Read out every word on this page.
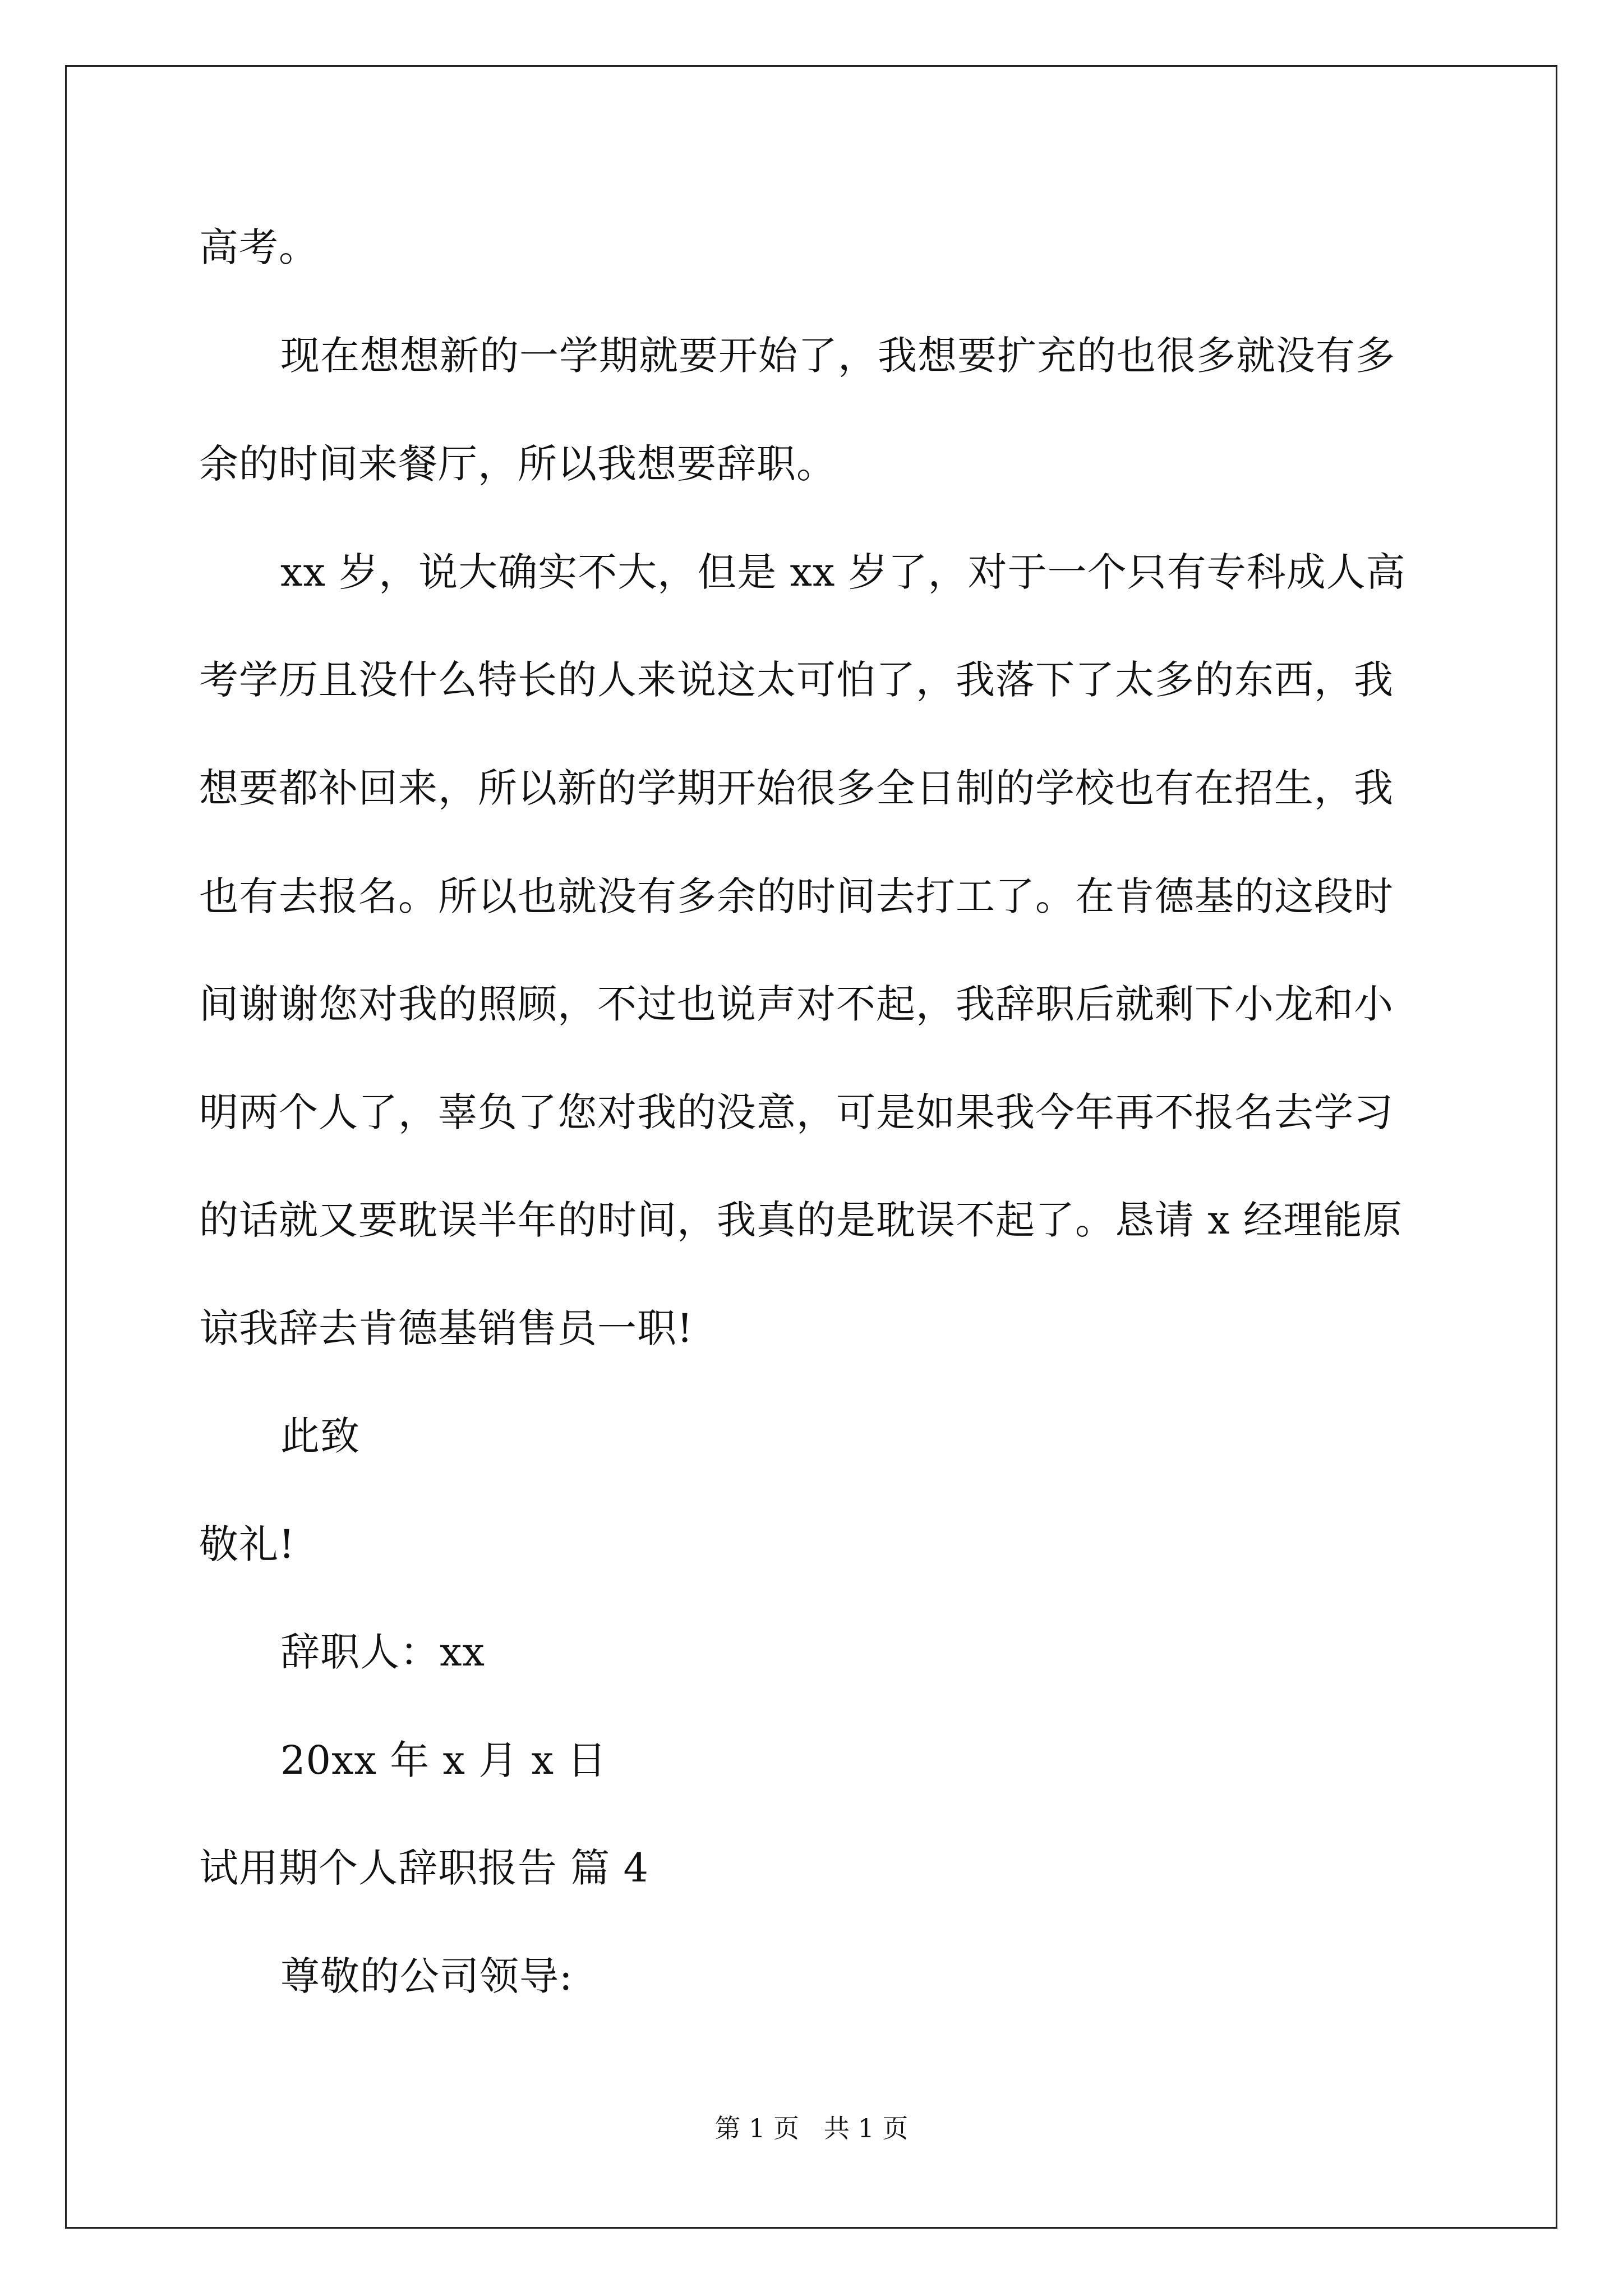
高考。
现在想想新的一学期就要开始了，我想要扩充的也很多就没有多
余的时间来餐厅，所以我想要辞职。
xx 岁，说大确实不大，但是 xx 岁了，对于一个只有专科成人高
考学历且没什么特长的人来说这太可怕了，我落下了太多的东西，我
想要都补回来，所以新的学期开始很多全日制的学校也有在招生，我
也有去报名。所以也就没有多余的时间去打工了。在肯德基的这段时
间谢谢您对我的照顾，不过也说声对不起，我辞职后就剩下小龙和小
明两个人了，辜负了您对我的没意，可是如果我今年再不报名去学习
的话就又要耽误半年的时间，我真的是耽误不起了。恳请 x 经理能原
谅我辞去肯德基销售员一职!
此致
敬礼!
辞职人：xx
20xx 年 x 月 x 日
试用期个人辞职报告 篇 4
尊敬的公司领导:
第 1 页   共 1 页
